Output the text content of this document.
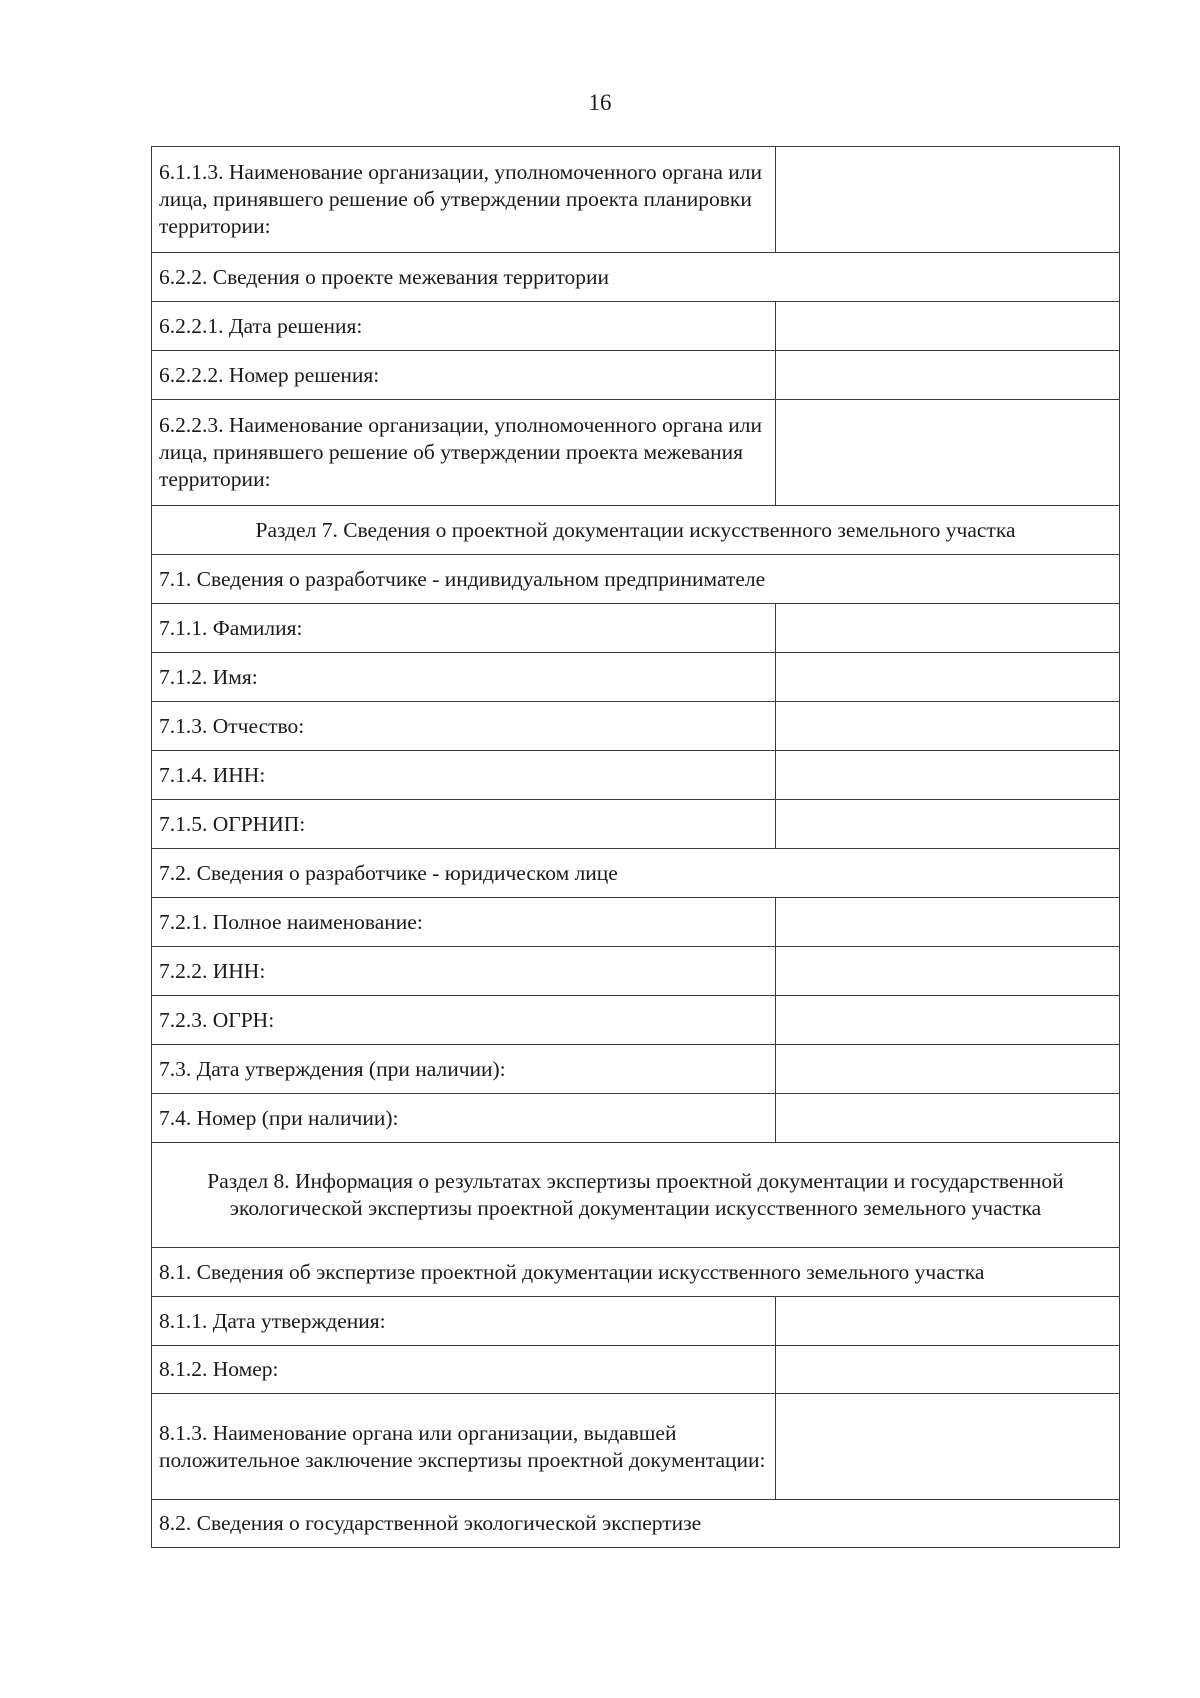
16
6.1.1.3. Наименование организации, уполномоченного органа или лица, принявшего решение об утверждении проекта планировки территории:	
6.2.2. Сведения о проекте межевания территории	
6.2.2.1. Дата решения:	
6.2.2.2. Номер решения:	
6.2.2.3. Наименование организации, уполномоченного органа или лица, принявшего решение об утверждении проекта межевания территории:	
Раздел 7. Сведения о проектной документации искусственного земельного участка	
7.1. Сведения о разработчике - индивидуальном предпринимателе	
7.1.1. Фамилия:	
7.1.2. Имя:	
7.1.3. Отчество:	
7.1.4. ИНН:	
7.1.5. ОГРНИП:	
7.2. Сведения о разработчике - юридическом лице	
7.2.1. Полное наименование:	
7.2.2. ИНН:	
7.2.3. ОГРН:	
7.3. Дата утверждения (при наличии):	
7.4. Номер (при наличии):	
Раздел 8. Информация о результатах экспертизы проектной документации и государственной экологической экспертизы проектной документации искусственного земельного участка	
8.1. Сведения об экспертизе проектной документации искусственного земельного участка	
8.1.1. Дата утверждения:	
8.1.2. Номер:	
8.1.3. Наименование органа или организации, выдавшей положительное заключение экспертизы проектной документации:	
8.2. Сведения о государственной экологической экспертизе	
